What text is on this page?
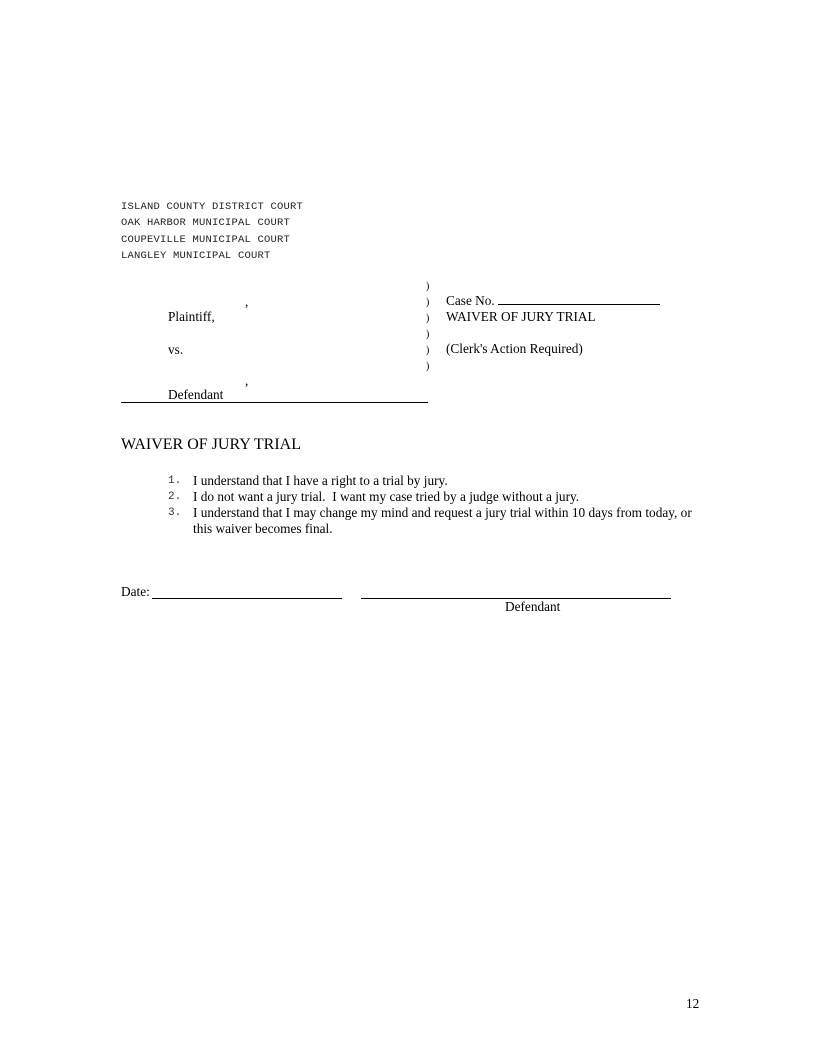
ISLAND COUNTY DISTRICT COURT
OAK HARBOR MUNICIPAL COURT
COUPEVILLE MUNICIPAL COURT
LANGLEY MUNICIPAL COURT
,
Plaintiff,
vs.
,
Defendant
)
)
)
)
)
)
Case No.
WAIVER OF JURY TRIAL
(Clerk's Action Required)
WAIVER OF JURY TRIAL
1. I understand that I have a right to a trial by jury.
2. I do not want a jury trial.  I want my case tried by a judge without a jury.
3. I understand that I may change my mind and request a jury trial within 10 days from today, or this waiver becomes final.
Date:
Defendant
12
